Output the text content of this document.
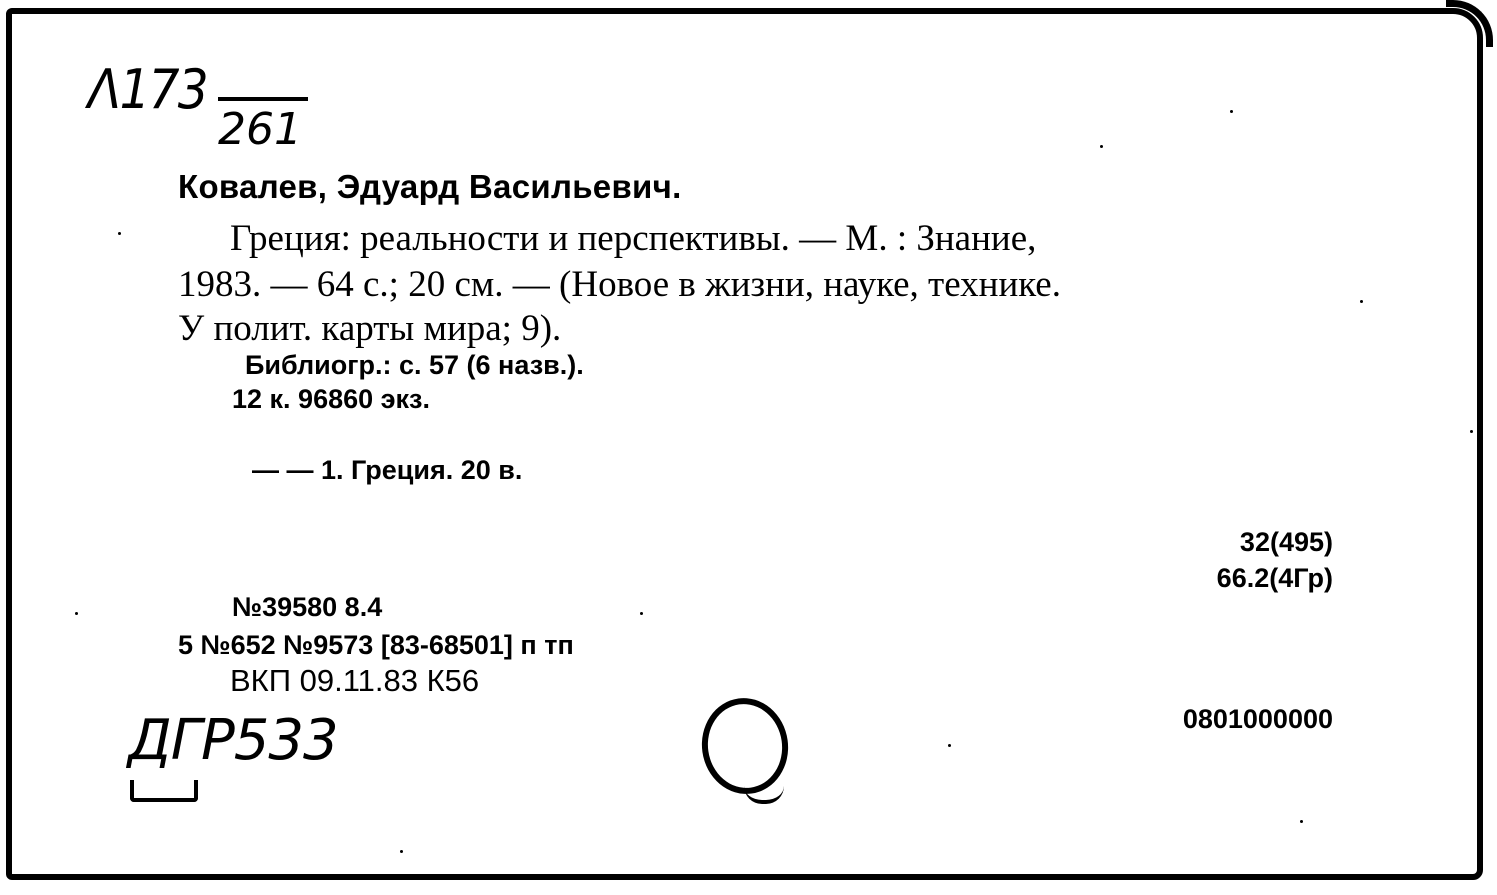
Λ173
261
Ковалев, Эдуард Васильевич.
Греция: реальности и перспективы. — М. : Знание,
1983. — 64 с.; 20 см. — (Новое в жизни, науке, технике.
У полит. карты мира; 9).
Библиогр.: с. 57 (6 назв.).
12 к. 96860 экз.
— — 1. Греция. 20 в.
32(495)
66.2(4Гр)
№39580 8.4
5 №652 №9573 [83-68501] п тп
ВКП 09.11.83 К56
0801000000
ДГР533
